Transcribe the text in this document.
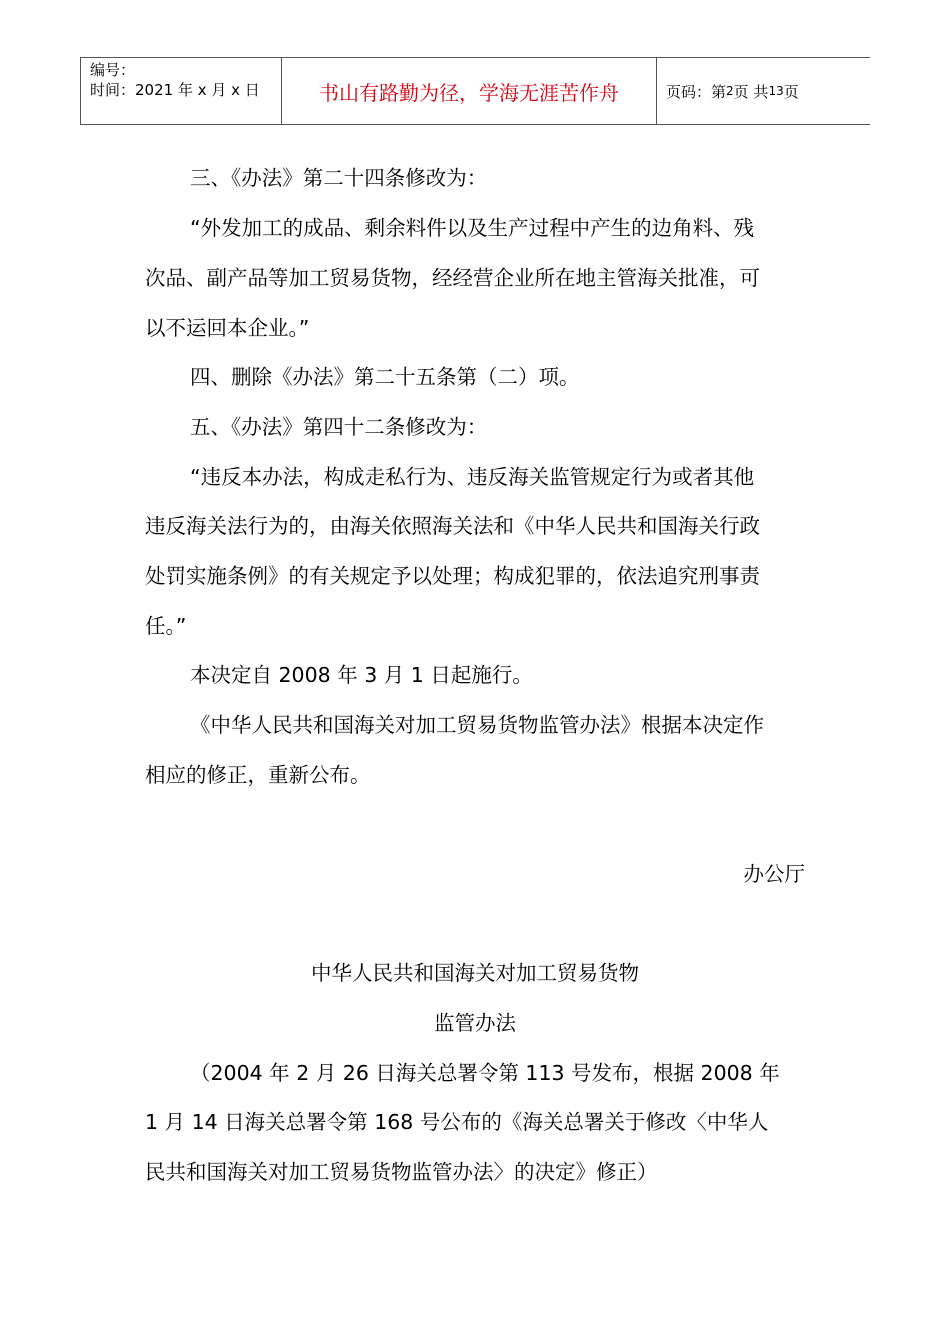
编号：
时间：2021 年 x 月 x 日	书山有路勤为径，学海无涯苦作舟	页码：第 2 页 共 13 页
三、《办法》第二十四条修改为：
“外发加工的成品、剩余料件以及生产过程中产生的边角料、残
次品、副产品等加工贸易货物，经经营企业所在地主管海关批准，可
以不运回本企业。”
四、删除《办法》第二十五条第（二）项。
五、《办法》第四十二条修改为：
“违反本办法，构成走私行为、违反海关监管规定行为或者其他
违反海关法行为的，由海关依照海关法和《中华人民共和国海关行政
处罚实施条例》的有关规定予以处理；构成犯罪的，依法追究刑事责
任。”
本决定自 2008 年 3 月 1 日起施行。
《中华人民共和国海关对加工贸易货物监管办法》根据本决定作
相应的修正，重新公布。
办公厅
中华人民共和国海关对加工贸易货物
监管办法
（2004 年 2 月 26 日海关总署令第 113 号发布，根据 2008 年
1 月 14 日海关总署令第 168 号公布的《海关总署关于修改〈中华人
民共和国海关对加工贸易货物监管办法〉的决定》修正）
